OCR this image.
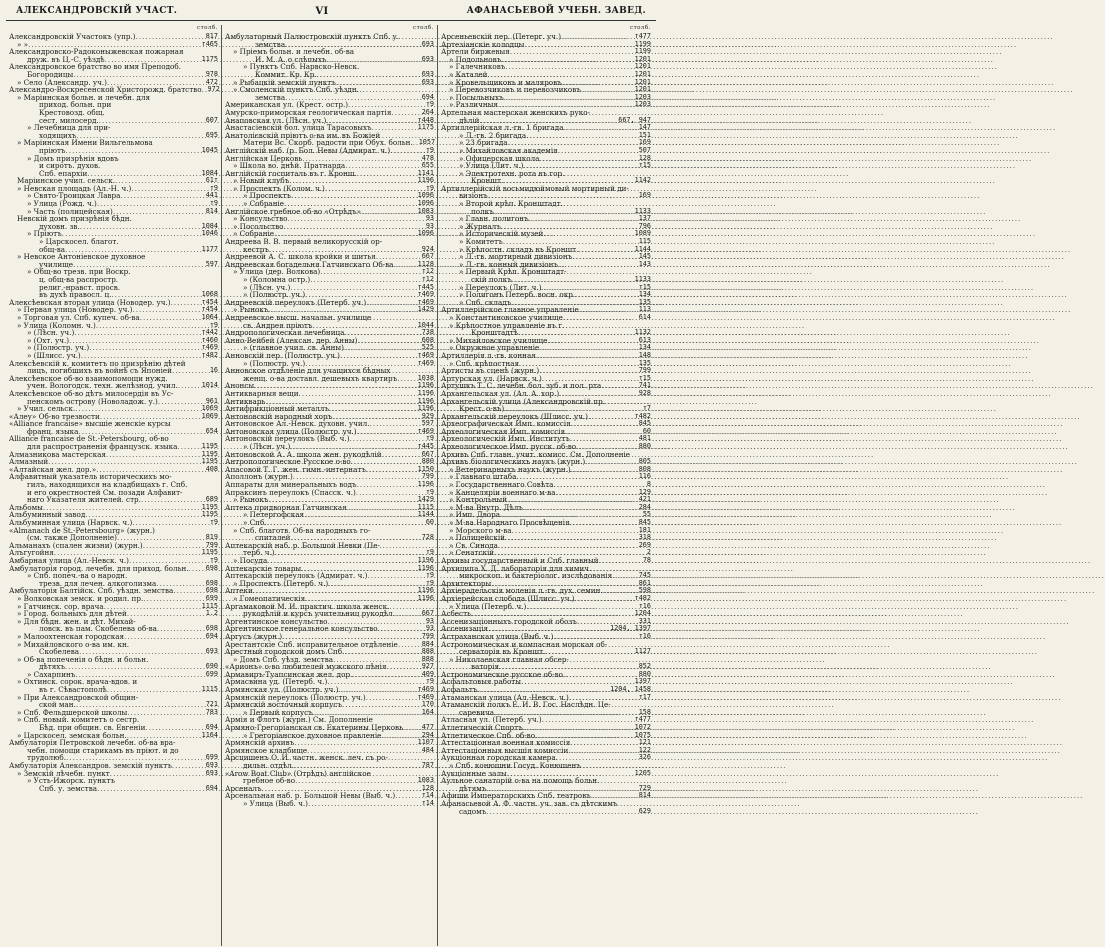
АЛЕКСАНДРОВСКIЙ УЧАСТ.	VI	АФАНАСЬЕВОЙ УЧЕБН. ЗАВЕД.
столб.
Александровскiй Участокъ (упр.) .....	817
» » .....	т465
Александровско-Радоконыжевская пожарная
друж. въ Ц.-С. уѣздѣ .....	1175
Александровское братство во имя Преподоб.
Богородицы .....	978
» Село (Александр. уч.) .....	472
Александро-Воскресенской Христорожд. братство ..... 972
» Маріинская больн. и лечебн. для
приход. больн. при
Крестовозд. общ.
сест. милосерд. .....	607
» Лечебница для при-
ходящихъ .....	695
» Маріинская Имени Вильгельмова
пріютъ .....	1045
» Домъ призрѣнія вдовъ
и сиротъ. духов.
Спб. епархіи .....	1084
Маріинское учил. сельск. .....	61т
» Невская площадь (Ал.-Н. ч.) .....	т9
» Свято-Троицкая Лавра .....	441
» Улица (Рожд. ч.) .....	т9
» Часть (полицейская) .....	814
Невскій домъ призрѣнія бѣдн.
духовн. зв. .....	1084
» Пріютъ .....	1046
» Царскосел. благот.
общ-ва .....	1177
» Невское Антоніевское духовное
училище .....	597
» Общ-во трезв. при Воскр.
ц. общ-ва распростр.
религ.-нравст. просв.
въ духѣ правосл. ц. .....	1068
Алексѣевская вторая улица (Новодер. уч.) .....	т454
» Первая улица (Новодер. уч.) .....	т454
» Торговая ул. Спб. купеч. об-ва .....	1064
» Улица (Коломн. ч.) .....	т9
» (Лѣсн. уч.) .....	т442
» (Охт. уч.) .....	т460
» (Полюстр. уч.) .....	т469
» (Шлисс. уч.) .....	т482
Алексѣевскій к. комитетъ по призрѣнію дѣтей
лицъ, погибшихъ въ войнѣ съ Японіей .....	16
Алексѣевское об-во взаимопомощи нужд.
учен. Вологодск. техн. желѣзнод. учил. .....	1014
Алексѣевское об-во дѣтъ милосердія въ Ус-
пенскомъ острову (Новоладож. у.) .....	961
» Учил. сельск. .....	1069
«Алеу» Об-во трезвости .....	1069
«Alliance francaise» высшіе женскіе курсы
франц. языка .....	654
Alliance francaise de St.-Petersbourg, об-во
для распространенія французск. языка .....	1195
Алмазникова мастерская .....	1195
Алмазный .....	1195
«Алтайская жел. дор.» .....	408
Алфавитный указатель историческихъ мо-
гилъ, находящихся на кладбищахъ г. Спб.
и его окрестностей См. позади Алфавит-
наго Указателя жителей. стр. .....	689
Альбомы .....	1195
Альбуминный завод .....	1195
Альбуминная улица (Нарвск. ч.) .....	т9
«Almanach de St.-Petersbourg» (журн.)
(см. также Дополненіе) .....	819
Альманахъ (спален жизни) (журн.) .....	799
Алъгугойня .....	1195
Амбарная улица (Ал.-Невск. ч.) .....	т9
Амбулаторія город. лечебн. для приход. больн. .....	698
» Спб. попеч.-ва о народн.
трезв. для лечен. алкоголизма .....	698
Амбулаторія Балтійск. Спб. уѣздн. земства .....	698
» Волковская земск. и родил. пр. .....	699
» Гатчинск. сор. врача .....	1115
» Город. больныхъ для дѣтей .....	1.2
» Для бѣдн. жен. и дѣт. Михай-
ловск. въ пам. Скобелева об-ва .....	698
» Малоохтенская городская .....	694
» Михайловского о-ва им. кн.
Скобелева .....	693
» Об-ва попеченія о бѣдн. и больн.
дѣтяхъ .....	690
» Сахарпинъ .....	699
» Охтинск. сорок. врача-вдов. и
въ г. Сѣвастополѣ .....	1115
» При Александровской общин-
ской ман. .....	721
» Спб. Фельдшерской школы .....	783
» Спб. новый. комитетъ о сестр.
Бѣд. при общин. св. Евгеніи .....	694
» Царскосел. земская больн. .....	1164
Амбулаторія Петровской лечебн. об-ва вра-
чебн. помощи старикамъ въ пріют. и до
трудолюб. .....	699
Амбулаторія Александров. земскій пунктъ .....	693
» Земскій лѣчебн. пункт .....	693
» Усть-Ижорск. пунктъ
Спб. у. земства .....	694
столб.
Амбулаторный Палюстровскій пунктъ Спб. у.
земства .....	693
» Пріемъ больн. и лечебн. об-ва
И. М. А. о слѣпыхъ .....	693
» Пунктъ Спб. Нарвско-Невск.
Коммит. Кр. Кр. .....	693
» Рыбацкій земскій пунктъ .....	693
» Смоленскій пунктъ Спб. уѣздн.
земства .....	694
Американская ул. (Крест. остр.) .....	т9
Амурско-приморская геологическая партія .....	264
Анаповская ул. (Лѣсн. уч.) .....	т448
Анастасіевскій бол. улица Тарасовыхъ .....	1175
Анатолієвскій пріютъ о-ва им. въ Божіей
Матери Вс. Скорб. радости при Обух. больн. ..... 1057
Англійскій наб. (р. Бол. Невы (Адмират. ч.) .....	т9
Англійская Церковь .....	478
» Школа во. днѣй. Пратнарда .....	655
Англійскій госпиталь въ г. Кронш. .....	1141
» Новый клубъ .....	1196
» Проспектъ (Колом. ч.) .....	т9
» Проспектъ .....	1096
» Собраніе .....	1096
Англійское гребное об-во «Отрѣдъ» .....	1083
» Консульство .....	93
» Посольство .....	93
» Собраніе .....	1096
Андреева В. В. первый великорусскій ор-
кестръ .....	924
Андреевой А. С. школа кройки и шитья .....	667
Андреевская богадельня Гатчинскаго Об-ва .....	1128
» Улица (дер. Волкова) .....	т12
» (Коломна остр.) .....	т12
» (Лѣсн. уч.) .....	т445
» (Полюстр. уч.) .....	т469
Андреевскій переулокъ (Петерб. уч.) .....	т469
» Рынокъ .....	1429
Андреевское высш. начальн. училище
св. Андрея пріютъ .....	1044
Андропологическая лечебница .....	738
Анно-Вейбей (Алексан. дер. Анны) .....	608
» (главное учил. св. Анны) .....	525
Анновскій пер. (Полюстр. уч.) .....	т469
» (Полюстр. уч.) .....	т469
Анновское отдѣленіе для учащихся бѣдных
женщ. о-ва доставл. дешевыхъ квартиръ .....	1038
Анонсы .....	1196
Антикварныя вещи .....	1196
Антикварь .....	1196
Антифрикціонный металлъ .....	1196
Антоновскій народный хоръ .....	929
Антоновское Ал.-Невск. духовн. учил. .....	597
Антоновская улица (Полюстр. уч.) .....	т469
Антоновскій переулокъ (Выб. ч.) .....	т9
» (Лѣсн. уч.) .....	т445
Антоновской А. А. школа жен. рукодѣлій .....	667
Антропологическое Русское о-во .....	880
Апасовой Т. Г. жен. гимн.-интернатъ .....	1150
Аполлонъ (журн.) .....	799
Аппараты для минеральныхъ водъ .....	1196
Апраксинъ переулокъ (Спасск. ч.) .....	т9
» Рынокъ .....	1429
Аптека придворная Гатчинская .....	1115
» Петергофская .....	1144
» Спб. .....	60
» Спб. благотв. Об-ва народныхъ го-
спиталей .....	728
Аптекарскій наб. р. Большой Невки (Пе-
терб. ч.) .....	т9
» Посуда .....	1196
Аптекарскіе товары .....	1196
Аптекарскій переулокъ (Адмират. ч.) .....	т9
» Проспектъ (Петерб. ч.) .....	т9
Аптеки .....	1196
» Гомеопатическія .....	1196
Аргамаковой М. И. практич. школа женск.
рукодѣлій и курсъ учительниц рукодѣл. .....	667
Аргентинское консульство .....	93
Аргентинское генеральное консульство .....	93
Аргусъ (журн.) .....	799
Арестантскіе Спб. исправительное отдѣленіе .....	884
Арестный городской домъ Спб. .....	888
» Домъ Спб. уѣзд. земства .....	888
«Арионъ» о-во любителей мужского пѣнія .....	927
Армавиръ-Туапсинская жел. дор. .....	409
Армасвина уд. (Петерб. ч.) .....	т9
Армянская ул. (Полюстр. уч.) .....	т469
Армянскій переулокъ (Полюстр. уч.) .....	т469
Армянскій восточный корпусъ .....	170
» Первый корпусъ .....	164
Армія и Флотъ (журн.) См. Дополненіе
Армяно-Грегоріанская св. Екатерины Церковь .....	477
» Грегоріанское духовное правленіе .....	294
Армянскій архивъ .....	1107
Армянское кладбище .....	484
Арсцишенъ О. И. частн. женск. леч. съ ро-
дильн. отдѣл. .....	787
«Arow Boat Club» (Отрѣдъ) англійское
гребное об-во .....	1083
Арсеналъ .....	128
Арсенальная наб. р. Большой Невы (Выб. ч.) .....	т14
» Улица (Выб. ч.) .....	т14
столб.
Арсеньевскій пер. (Петерг. уч.) .....	т477
Артезіанскіе колодцы .....	1199
Артели биржевыя .....	1199
» Подольновъ .....	1201
» Галечниковъ .....	1201
» Каталей .....	1201
» Кровельщиковъ и маляровъ .....	1201
» Перевозчиковъ и перевозчиковъ .....	1201
» Посыльныхъ .....	1203
» Различныя .....	1203
Артельная мастерская женскихъ руко-
дѣлій .....	667, 947
Артиллерійская л.-гв. 1 бригада .....	147
» Л.-гв. 2 бригада .....	151
» 23 бригада .....	169
» Михайловская академія .....	507
» Офицерская школа .....	128
» Улица (Лит. ч.) .....	т15
» Электротехн. рота въ гор.
Кроншт. .....	1142
Артиллерійскій восьмидюймовый мортирный ди-
визіонъ .....	169
» Второй крѣп. Кронштадт.
полкъ .....	1133
» Главн. полигонъ .....	137
» Журналъ .....	796
» Историческій музей .....	1089
» Комитетъ .....	115
» Крѣпостн. складъ въ Кроншт. .....	1144
» Л.-гв. мортирный дивизіонъ .....	145
» Л.-гв. конный дивизіонъ .....	143
» Первый Крѣп. Кронштадт-
скій полкъ .....	1133
» Переулокъ (Лит. ч.) .....	т15
» Полигонъ Петерб. восн. окр. .....	134
» Спб. складъ .....	135
Артиллерійское главное управленіе .....	113
» Константиновское училище .....	614
» Крѣпостное управленіе въ г.
Кронштадтѣ .....	1132
» Михайловское училище .....	613
» Окружное управленіе .....	134
Артиллерія л.-гв. конная .....	148
» Спб. крѣпостная .....	135
Артисты въ сценѣ (журн.) .....	799
Артурская ул. (Нарвск. ч.) .....	т15
Артушкъ Т. С. лечебн. бол. зуб. и пол. рта .....	741
Архангельская ул. (Ал. А. хор.) .....	928
Архангельскій улица (Александровскій пр.
Крест. о-въ) .....	т7
Архангельскій переулокъ (Шлисс. уч.) .....	т482
Археографическая Имп. комиссія .....	845
Археологическая Имп. комиссія .....	60
Археологическій Имп. Институтъ .....	481
Археологическое Имп. русск. об-во .....	880
Архивъ Спб. главн. учит. комисс. См. Дополненіе
Архивъ біологическихъ наукъ (журн.) .....	805
» Ветеринарныхъ наукъ (журн.) .....	808
» Главнаго штаба .....	116
» Государственнаго Совѣта .....	8
» Канцеляріи военнаго м-ва .....	129
» Контрольный .....	421
» М-ва Внутр. Дѣлъ .....	284
» Имп. Двора .....	55
» М-ва Народнаго Просвѣщенія .....	845
» Морского м-ва .....	181
» Полицейскій .....	318
» Св. Синода .....	269
» Сенатскій .....	2
Архивы государственный и Спб. главный .....	78
Архиципа Х. Д. лабораторія для химич.
микроскоп. и бактеріолог. изслѣдованія .....	745
Архитекторы .....	861
Архіерадельскія моленія л.-гв. дух. семин. .....	598
Архіерейская слобода (Шлисс. уч.) .....	т482
» Улица (Петерб. ч.) .....	т16
Асбесть .....	1204
Ассенизаціонныхъ городской обозъ .....	331
Ассенизація .....	1204, 1397
Астраханская улица (Выб. ч.) .....	т16
Астрономическая и компасная морская об-
серваторія въ Кроншт. .....	1127
» Николаевская главная обсер-
ваторія .....	852
Астрономическое русское об-во .....	880
Асфальтовыя работы .....	1397
Асфальтъ .....	1204, 1458
Атаманская улица (Ал.-Невск. ч.) .....	т17
Атаманскій полкъ Е. И. В. Гос. Наслѣдн. Це-
саревича .....	158
Атласная ул. (Петерб. уч.) .....	т477
Атлетическій Спортъ .....	1072
Атлетическое Спб. об-во .....	1075
Аттестаціонная военная комиссія .....	121
Аттестаціонныя высшія комиссіи .....	122
Аукціонная городская камера .....	326
» Спб. конюшни Госуд. Конюшенъ
Аукціонные залы .....	1205
Аульное санаторій о-ва на помощь больн.
дѣтямъ .....	729
Афиши Императорскихъ Спб. театровъ .....	814
Афанасьевой А. Ф. частн. уч. зав. съ дѣтскимъ
садомъ .....	629
